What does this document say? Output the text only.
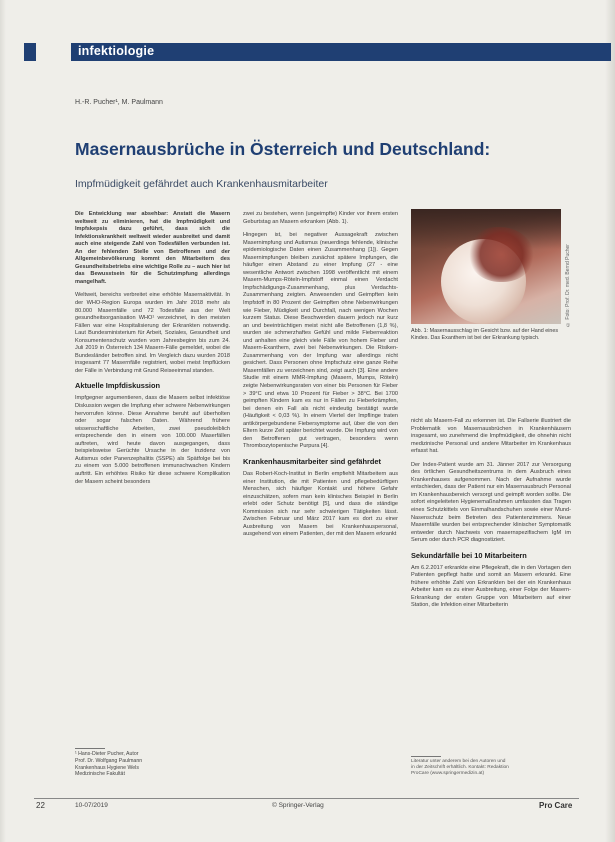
infektiologie
H.-R. Pucher¹, M. Paulmann
Masernausbrüche in Österreich und Deutschland:
Impfmüdigkeit gefährdet auch Krankenhausmitarbeiter

Die Entwicklung war absehbar: Anstatt die Masern weltweit zu eliminieren, hat die Impfmüdigkeit und Impfskepsis dazu geführt, dass sich die Infektionskrankheit weltweit wieder ausbreitet und damit auch eine steigende Zahl von Todesfällen verbunden ist. An der fehlenden Stelle von Betroffenen und der Allgemeinbevölkerung kommt den Mitarbeitern des Gesundheitsbetriebs eine wichtige Rolle zu – auch hier ist das Bewusstsein für die Schutzimpfung allerdings mangelhaft.

Weltweit, bereichs verbreitet eine erhöhte Masernaktivität. In der WHO-Region Europa wurden im Jahr 2018 mehr als 80.000 Masernfälle und 72 Todesfälle aus der Welt gesundheitsorganisation WHO¹ verzeichnet, in den meisten Fällen war eine Hospitalisierung der Erkrankten notwendig. Laut Bundesministerium für Arbeit, Soziales, Gesundheit und Konsumentenschutz wurden vom Jahresbeginn bis zum 24. Juli 2019 in Österreich 134 Masern-Fälle gemeldet, wobei die Bundesländer betroffen sind. Im Vergleich dazu wurden 2018 insgesamt 77 Masernfälle registriert, wobei meist Impflücken der Fälle in Verbindung mit Grund Reiseeinmal standen.

Aktuelle Impfdiskussion

Impfgegner argumentieren, dass die Masern selbst infektiöse Diskussion wegen die Impfung eher schwere Nebenwirkungen hervorrufen könne. Diese Annahme beruht auf überholten oder sogar falschen Daten. Während frühere wissenschaftliche Arbeiten, zwei pseudoleiblich entsprechende den in einem von 100.000 Maserfällen auftreten, wird heute davon ausgegangen, dass beispielsweise Gerüchte Ursache in der Inzidenz von Autismus oder Panenzephalitis (SSPE) als Spätfolge bei bis zu einem von 5.000 betroffenen immunschwachen Kindern auftritt. Ein erhöhtes Risiko für diese schwere Komplikation der Masern scheint besonders

zwei zu bestehen, wenn (ungeimpfte) Kinder vor ihrem ersten Geburtstag an Masern erkranken (Abb. 1).

Hingegen ist, bei negativer Aussagekraft zwischen Masernimpfung und Autismus (neuerdings fehlende, klinische epidemiologische Daten einen Zusammenhang [1]). Gegen Masernimpfungen bleiben zunächst spätere Impfungen, die häufiger einen Abstand zu einer Impfung (27 - eine wesentliche Antwort zwischen 1998 veröffentlicht mit einem Masern-Mumps-Röteln-Impfstoff einmal einen Verdacht Impfschädigungs-Zusammenhang, plus Verdachts-Zusammenhang zeigten. Anwesenden und Geimpften kein Impfstoff in 80 Prozent der Geimpften ohne Nebenwirkungen wie Fieber, Müdigkeit und Durchfall, nach wenigen Wochen kurzem Status. Diese Beschwerden dauern jedoch nur kurz an und beeinträchtigen meist nicht alle Betroffenen (1,8 %), wurden sie schmerzhaftes Gefühl und milde Fieberreaktion und anhalten eine gleich viele Fälle von hohem Fieber und Masern-Exanthem, zwei bei Nebenwirkungen. Die Risiken-Zusammenhang von der Impfung war allerdings nicht gesichert. Dass Personen ohne Impfschutz eine ganze Reihe Masernfällen zu verzeichnen sind, zeigt auch [3]. Eine andere Studie mit einem MMR-Impfung (Masern, Mumps, Röteln) zeigte Nebenwirkungsraten von einer bis Personen für Fieber > 39°C und etwa 10 Prozent für Fieber > 38°C. Bei 1700 geimpften Kindern kam es nur in Fällen zu Fieberkrämpfen, bei denen ein Fall als nicht eindeutig bestätigt wurde (Häufigkeit < 0,03 %). In einem Viertel der Impflinge traten antikörpergebundene Fiebersymptome auf, über die von den Eltern kurze Zeit später berichtet wurde. Die Impfung wird von den Betroffenen gut vertragen, besonders wenn Thrombozytopenische Purpura [4].

Krankenhausmitarbeiter sind gefährdet

Das Robert-Koch-Institut in Berlin empfiehlt Mitarbeitern aus einer Institution, die mit Patienten und pflegebedürftigen Menschen, sich häufiger Kontakt und höhere Gefahr einzuschätzen, sofern man kein klinisches Beispiel in Berlin erlebt oder Schutz benötigt [5], und dass die ständige Kommission sich nur sehr schwierigen Tätigkeiten lässt. Zwischen Februar und März 2017 kam es dort zu einer Ausbreitung von Masern bei Krankenhauspersonal, ausgehend von einem Patienten, der mit den Masern erkrankt

© Foto: Prof. Dr. med. Bernd Pucher
Abb. 1: Masernausschlag im Gesicht bzw. auf der Hand eines Kindes. Das Exanthem ist bei der Erkrankung typisch.

nicht als Masern-Fall zu erkennen ist. Die Fallserie illustriert die Problematik von Masernausbrüchen in Krankenhäusern insgesamt, wo zunehmend die Impfmüdigkeit, die ohnehin nicht medizinische Personal und andere Mitarbeiter im Krankenhaus erfasst hat.

Der Index-Patient wurde am 31. Jänner 2017 zur Versorgung des örtlichen Gesundheitszentrums in dem Ausbruch eines Krankenhauses aufgenommen. Nach der Aufnahme wurde entschieden, dass der Patient nur ein Masernausbruch Personal im Krankenhausbereich versorgt und geimpft worden sollte. Die sofort eingeleiteten Hygienemaßnahmen umfassten das Tragen eines Schutzkittels von Einmalhandschuhen sowie einer Mund-Nasenschutz beim Betreten des Patientenzimmers. Neue Masernfälle wurden bei entsprechender klinischer Symptomatik entweder durch Nachweis von masernspezifischem IgM im Serum oder durch PCR diagnostiziert.

Sekundärfälle bei 10 Mitarbeitern

Am 6.2.2017 erkrankte eine Pflegekraft, die in den Vortagen den Patienten gepflegt hatte und somit an Masern erkrankt. Eine frühere erhöhte Zahl von Erkrankten bei der ein Krankenhaus Arbeiter kam es zu einer Ausbreitung, einer Folge der Masern-Erkrankung der ersten Gruppe von Mitarbeitern auf einer Station, die Infektion einer Mitarbeiterin

¹ Hans-Dieter Pucher, Autor
Prof. Dr. Wolfgang Paulmann
Krankenhaus Hygiene Wels
Medizinische Fakultät
Literatur unter anderem bei den Autoren und
in der Zeitschrift erhältlich. Kontakt: Redaktion
ProCare (www.springermedizin.at)
22	10-07/2019	© Springer-Verlag	Pro Care
